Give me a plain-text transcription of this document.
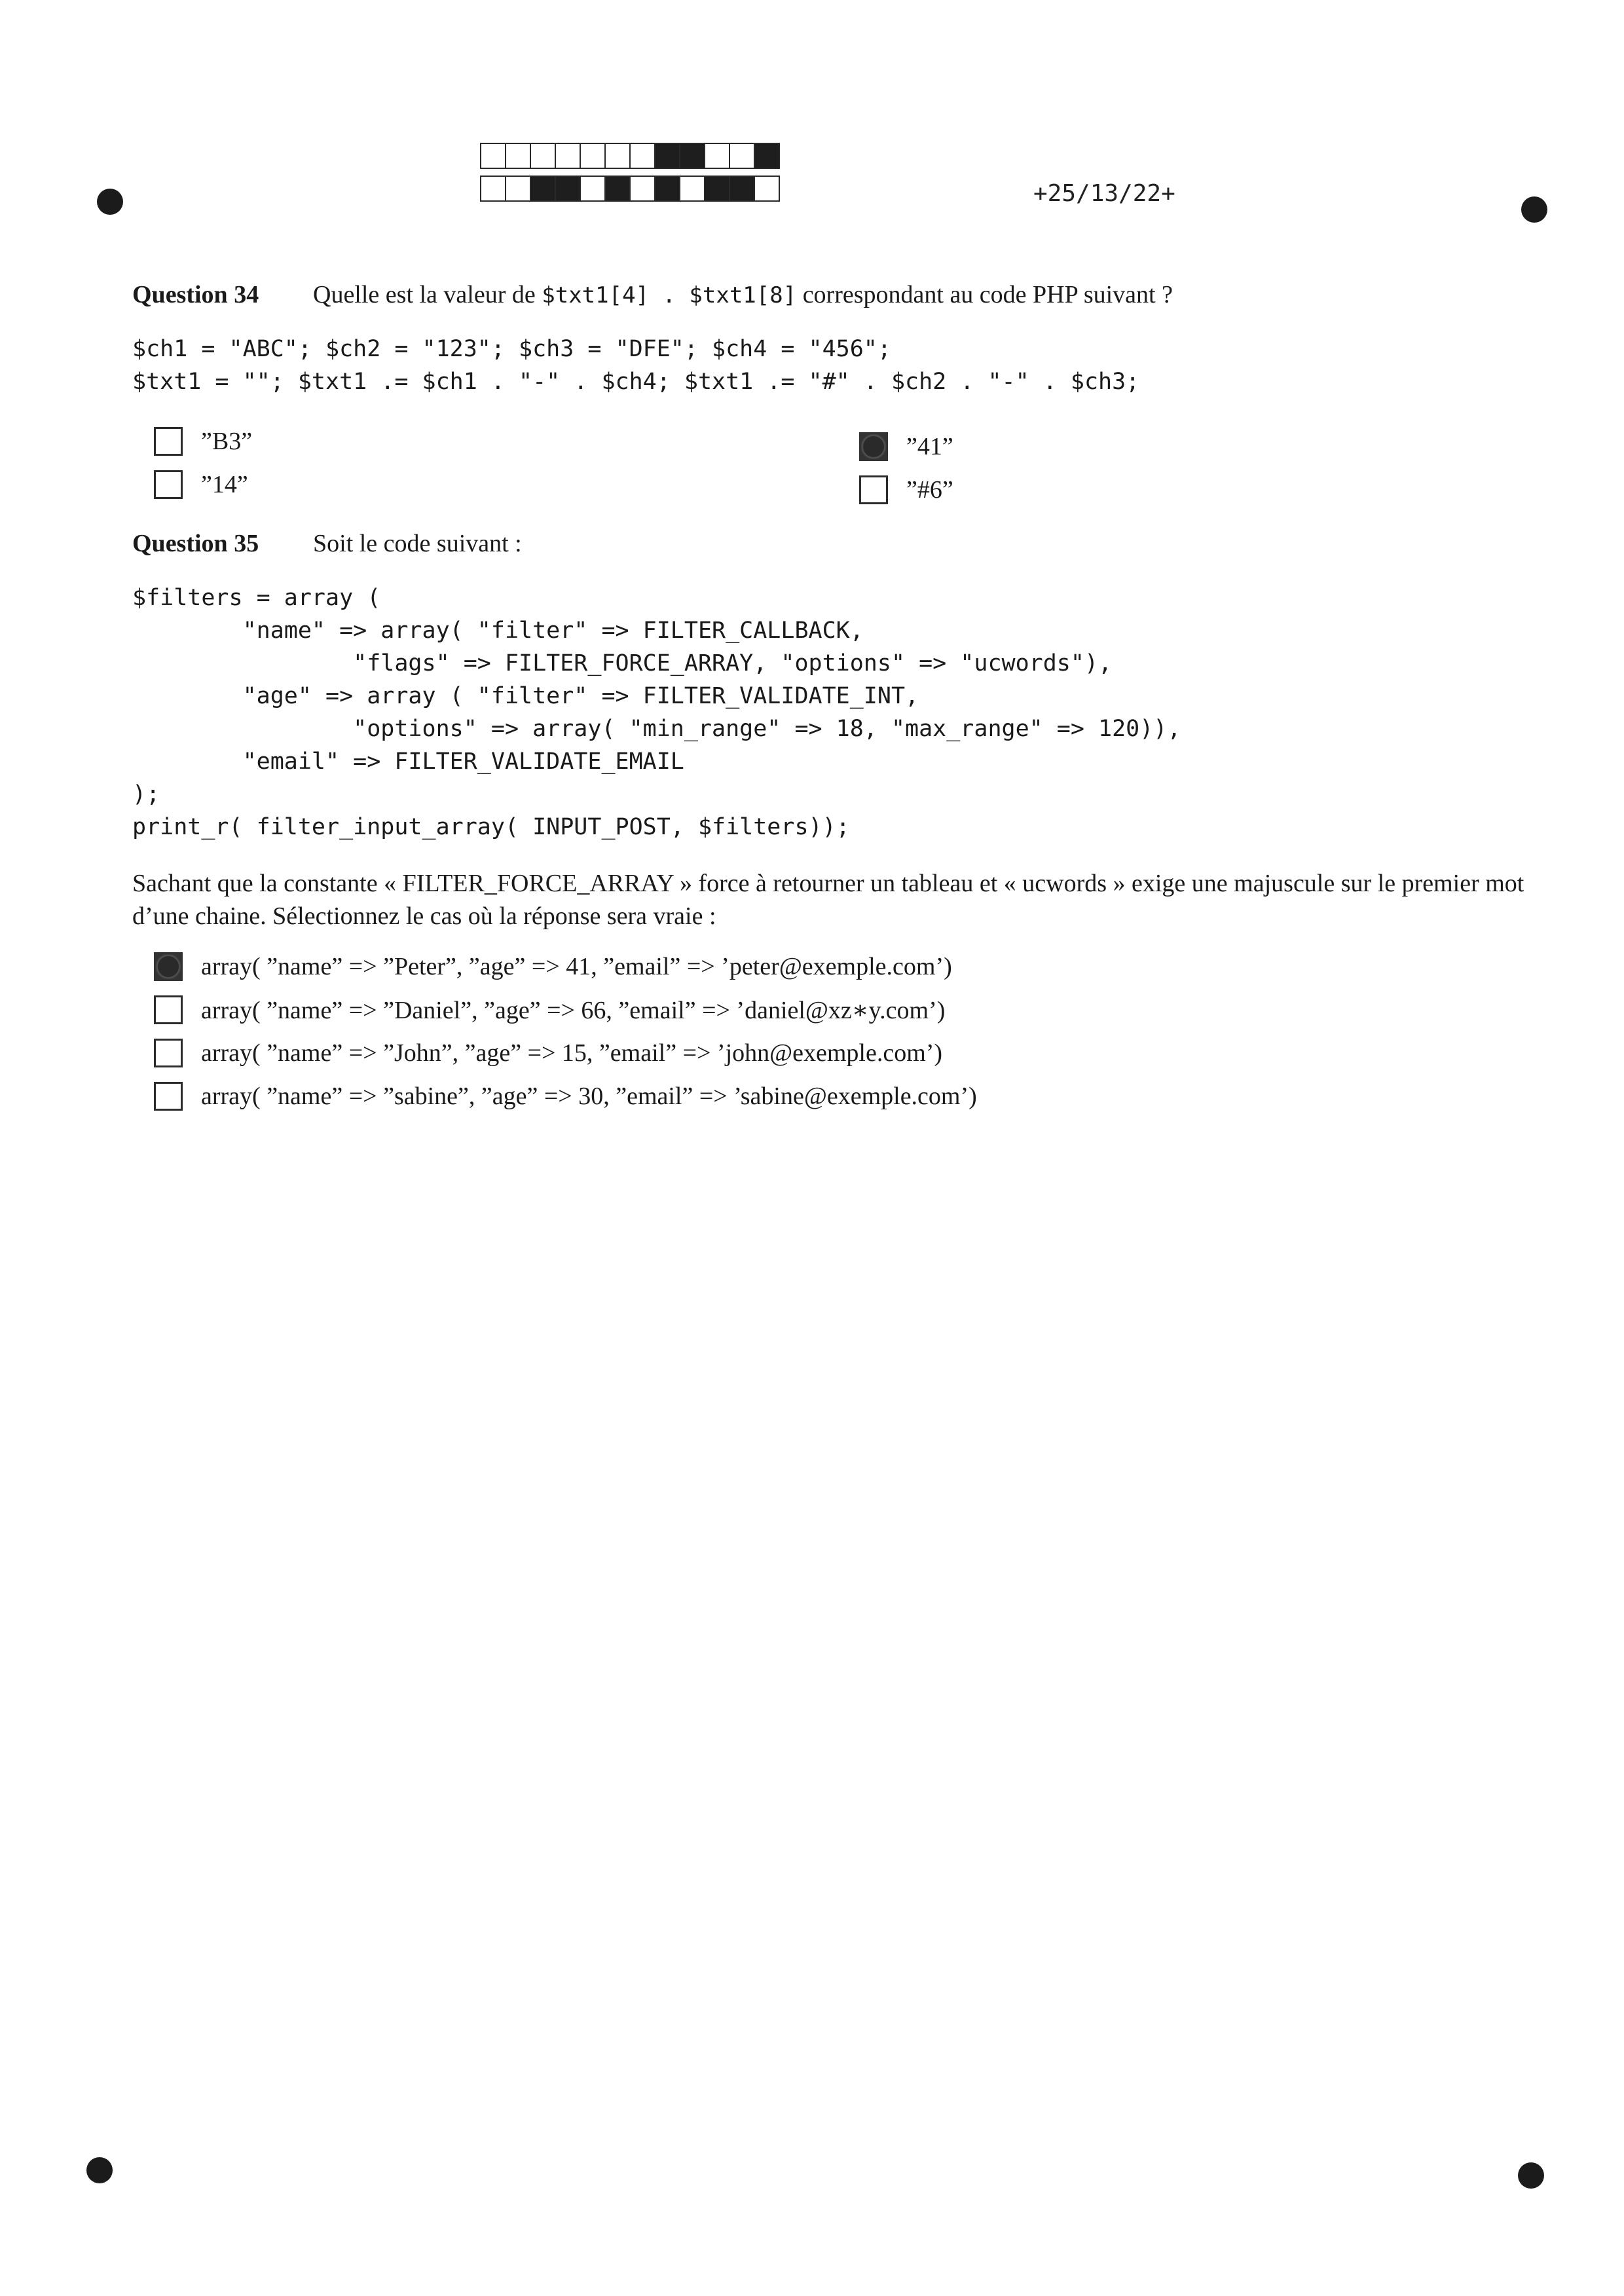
+25/13/22+
Question 34 Quelle est la valeur de $txt1[4] . $txt1[8] correspondant au code PHP suivant ?
$ch1 = "ABC"; $ch2 = "123"; $ch3 = "DFE"; $ch4 = "456";
$txt1 = ""; $txt1 .= $ch1 . "-" . $ch4; $txt1 .= "#" . $ch2 . "-" . $ch3;
”B3”
”14”
”41”
”#6”
Question 35 Soit le code suivant :
$filters = array (
"name" => array( "filter" => FILTER_CALLBACK,
"flags" => FILTER_FORCE_ARRAY, "options" => "ucwords"),
"age" => array ( "filter" => FILTER_VALIDATE_INT,
"options" => array( "min_range" => 18, "max_range" => 120)),
"email" => FILTER_VALIDATE_EMAIL
);
print_r( filter_input_array( INPUT_POST, $filters));

Sachant que la constante « FILTER_FORCE_ARRAY » force à retourner un tableau et « ucwords » exige une majuscule sur le premier mot d’une chaine. Sélectionnez le cas où la réponse sera vraie :

array( ”name” => ”Peter”, ”age” => 41, ”email” => ’peter@exemple.com’)
array( ”name” => ”Daniel”, ”age” => 66, ”email” => ’daniel@xz∗y.com’)
array( ”name” => ”John”, ”age” => 15, ”email” => ’john@exemple.com’)
array( ”name” => ”sabine”, ”age” => 30, ”email” => ’sabine@exemple.com’)
